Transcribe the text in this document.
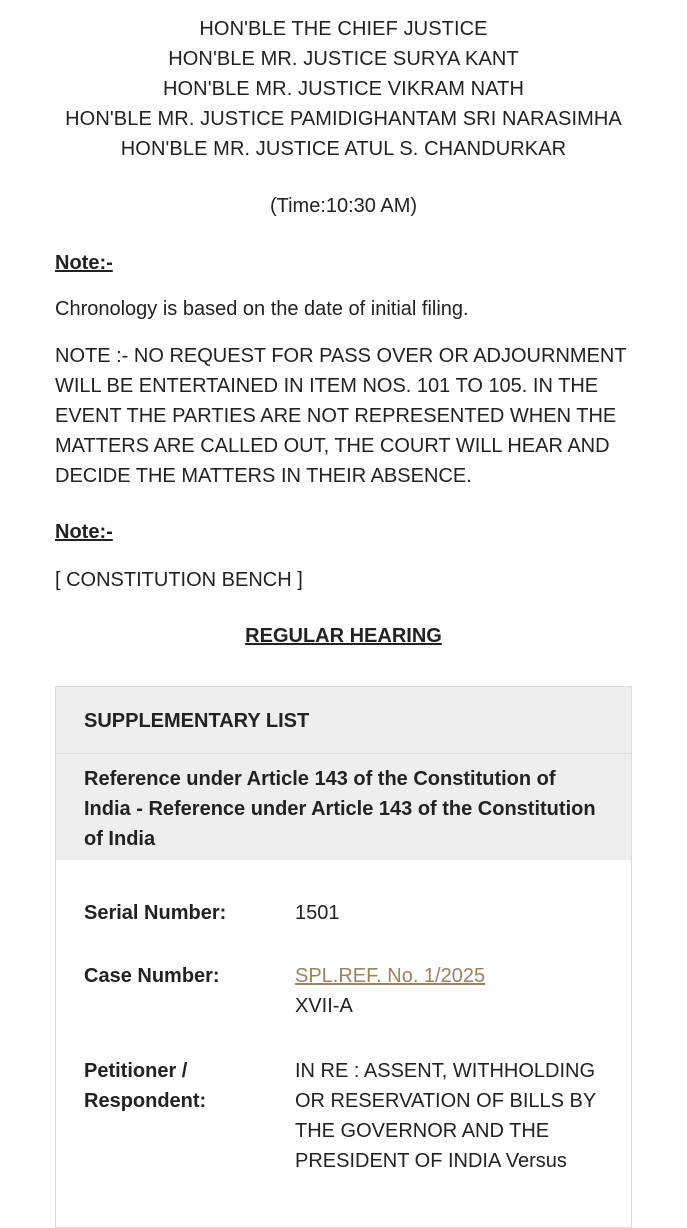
HON'BLE THE CHIEF JUSTICE
HON'BLE MR. JUSTICE SURYA KANT
HON'BLE MR. JUSTICE VIKRAM NATH
HON'BLE MR. JUSTICE PAMIDIGHANTAM SRI NARASIMHA
HON'BLE MR. JUSTICE ATUL S. CHANDURKAR
(Time:10:30 AM)
Note:-
Chronology is based on the date of initial filing.
NOTE :- NO REQUEST FOR PASS OVER OR ADJOURNMENT WILL BE ENTERTAINED IN ITEM NOS. 101 TO 105. IN THE EVENT THE PARTIES ARE NOT REPRESENTED WHEN THE MATTERS ARE CALLED OUT, THE COURT WILL HEAR AND DECIDE THE MATTERS IN THEIR ABSENCE.
Note:-
[ CONSTITUTION BENCH ]
REGULAR HEARING
SUPPLEMENTARY LIST
Reference under Article 143 of the Constitution of India - Reference under Article 143 of the Constitution of India
Serial Number:	1501
Case Number:	SPL.REF. No. 1/2025
XVII-A
Petitioner / Respondent:
IN RE : ASSENT, WITHHOLDING OR RESERVATION OF BILLS BY THE GOVERNOR AND THE PRESIDENT OF INDIA Versus
